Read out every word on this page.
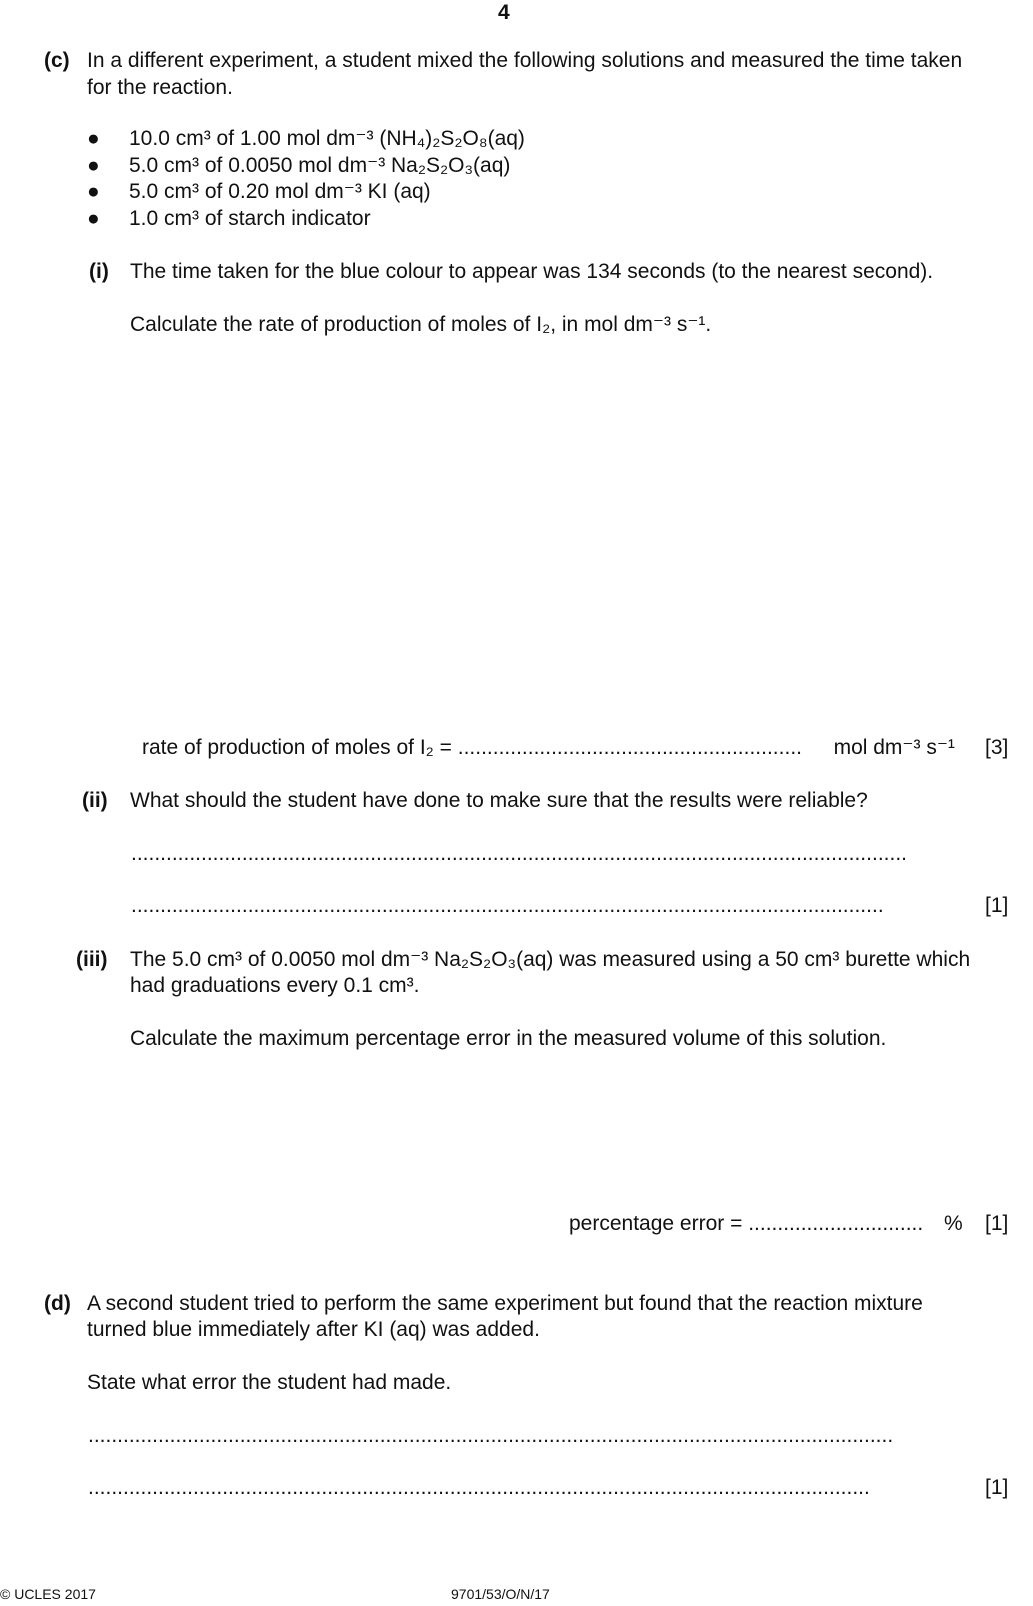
4
(c) In a different experiment, a student mixed the following solutions and measured the time taken
for the reaction.
● 10.0 cm³ of 1.00 mol dm⁻³ (NH₄)₂S₂O₈(aq)
● 5.0 cm³ of 0.0050 mol dm⁻³ Na₂S₂O₃(aq)
● 5.0 cm³ of 0.20 mol dm⁻³ KI (aq)
● 1.0 cm³ of starch indicator
(i) The time taken for the blue colour to appear was 134 seconds (to the nearest second).
Calculate the rate of production of moles of I₂, in mol dm⁻³ s⁻¹.
rate of production of moles of I₂ = ........................................................... mol dm⁻³ s⁻¹ [3]
(ii) What should the student have done to make sure that the results were reliable?
.....................................................................................................................................
.................................................................................................................................	[1]
(iii) The 5.0 cm³ of 0.0050 mol dm⁻³ Na₂S₂O₃(aq) was measured using a 50 cm³ burette which
had graduations every 0.1 cm³.
Calculate the maximum percentage error in the measured volume of this solution.
percentage error = .............................. % [1]
(d) A second student tried to perform the same experiment but found that the reaction mixture
turned blue immediately after KI (aq) was added.
State what error the student had made.
..........................................................................................................................................
......................................................................................................................................	[1]
© UCLES 2017	9701/53/O/N/17
